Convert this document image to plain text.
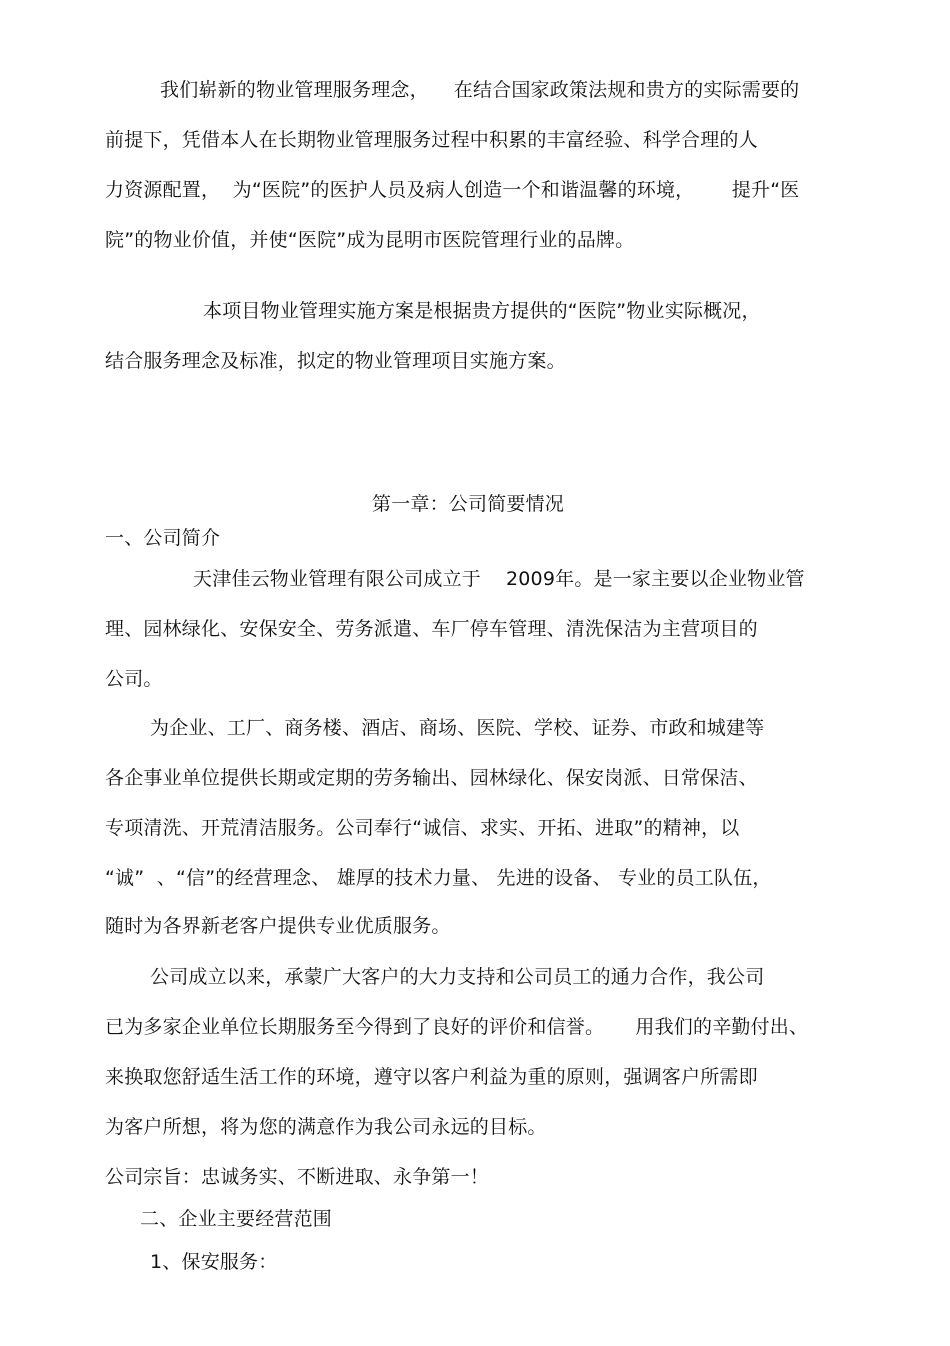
我们崭新的物业管理服务理念，    在结合国家政策法规和贵方的实际需要的
前提下，凭借本人在长期物业管理服务过程中积累的丰富经验、科学合理的人
力资源配置，  为“医院”的医护人员及病人创造一个和谐温馨的环境，      提升“医
院”的物业价值，并使“医院”成为昆明市医院管理行业的品牌。
本项目物业管理实施方案是根据贵方提供的“医院”物业实际概况，
结合服务理念及标准，拟定的物业管理项目实施方案。
第一章：公司简要情况
一、公司简介
天津佳云物业管理有限公司成立于    2009年。是一家主要以企业物业管
理、园林绿化、安保安全、劳务派遣、车厂停车管理、清洗保洁为主营项目的
公司。
为企业、工厂、商务楼、酒店、商场、医院、学校、证券、市政和城建等
各企事业单位提供长期或定期的劳务输出、园林绿化、保安岗派、日常保洁、
专项清洗、开荒清洁服务。公司奉行“诚信、求实、开拓、进取”的精神，以
“诚”  、“信”的经营理念、 雄厚的技术力量、 先进的设备、 专业的员工队伍，
随时为各界新老客户提供专业优质服务。
公司成立以来，承蒙广大客户的大力支持和公司员工的通力合作，我公司
已为多家企业单位长期服务至今得到了良好的评价和信誉。     用我们的辛勤付出、
来换取您舒适生活工作的环境，遵守以客户利益为重的原则，强调客户所需即
为客户所想，将为您的满意作为我公司永远的目标。
公司宗旨：忠诚务实、不断进取、永争第一！
二、企业主要经营范围
1、保安服务：
